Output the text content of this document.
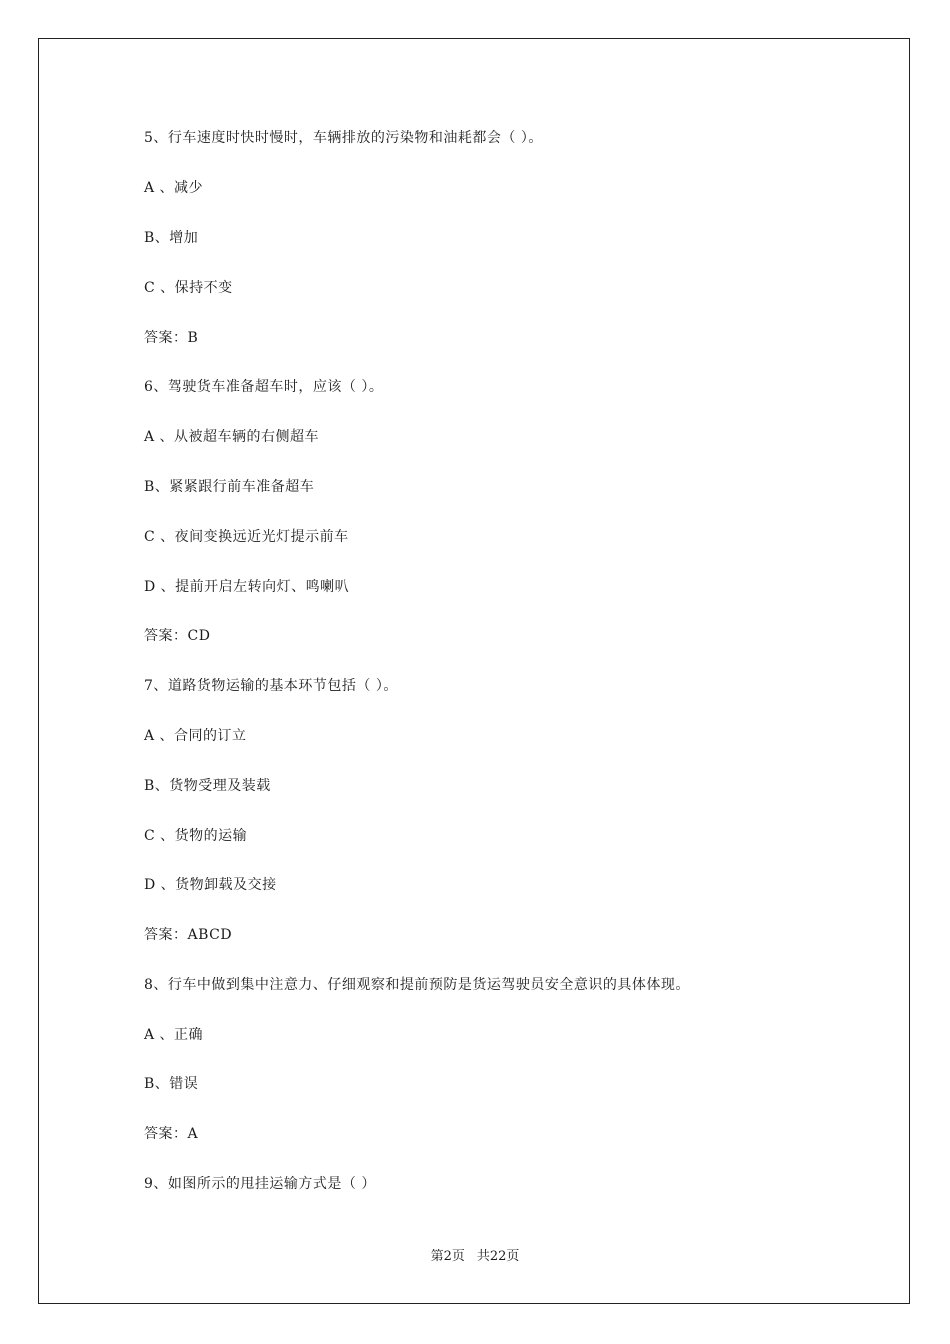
5、行车速度时快时慢时，车辆排放的污染物和油耗都会（ ）。
A 、减少
B、增加
C 、保持不变
答案：B
6、驾驶货车准备超车时，应该（ ）。
A 、从被超车辆的右侧超车
B、紧紧跟行前车准备超车
C 、夜间变换远近光灯提示前车
D 、提前开启左转向灯、鸣喇叭
答案：CD
7、道路货物运输的基本环节包括（ ）。
A 、合同的订立
B、货物受理及装载
C 、货物的运输
D 、货物卸载及交接
答案：ABCD
8、行车中做到集中注意力、仔细观察和提前预防是货运驾驶员安全意识的具体体现。
A 、正确
B、错误
答案：A
9、如图所示的甩挂运输方式是（ ）
第2页 共22页
